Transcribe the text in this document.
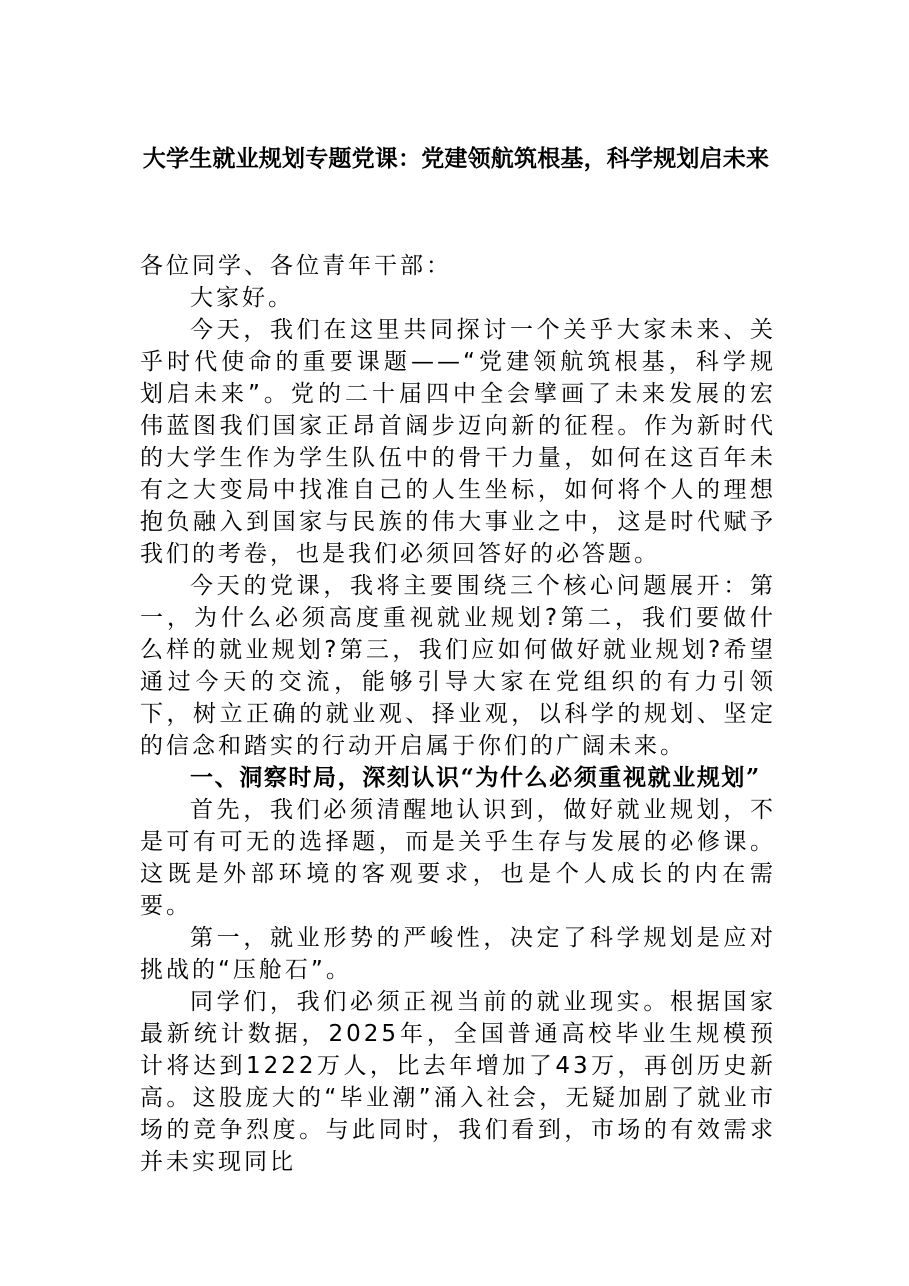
大学生就业规划专题党课：党建领航筑根基，科学规划启未来

各位同学、各位青年干部：

大家好。

今天，我们在这里共同探讨一个关乎大家未来、关乎时代使命的重要课题——“党建领航筑根基，科学规划启未来”。党的二十届四中全会擘画了未来发展的宏伟蓝图我们国家正昂首阔步迈向新的征程。作为新时代的大学生作为学生队伍中的骨干力量，如何在这百年未有之大变局中找准自己的人生坐标，如何将个人的理想抱负融入到国家与民族的伟大事业之中，这是时代赋予我们的考卷，也是我们必须回答好的必答题。

今天的党课，我将主要围绕三个核心问题展开：第一，为什么必须高度重视就业规划?第二，我们要做什么样的就业规划?第三，我们应如何做好就业规划?希望通过今天的交流，能够引导大家在党组织的有力引领下，树立正确的就业观、择业观，以科学的规划、坚定的信念和踏实的行动开启属于你们的广阔未来。

一、洞察时局，深刻认识“为什么必须重视就业规划”

首先，我们必须清醒地认识到，做好就业规划，不是可有可无的选择题，而是关乎生存与发展的必修课。这既是外部环境的客观要求，也是个人成长的内在需要。

第一，就业形势的严峻性，决定了科学规划是应对挑战的“压舱石”。

同学们，我们必须正视当前的就业现实。根据国家最新统计数据，2025年，全国普通高校毕业生规模预计将达到1222万人，比去年增加了43万，再创历史新高。这股庞大的“毕业潮”涌入社会，无疑加剧了就业市场的竞争烈度。与此同时，我们看到，市场的有效需求并未实现同比
